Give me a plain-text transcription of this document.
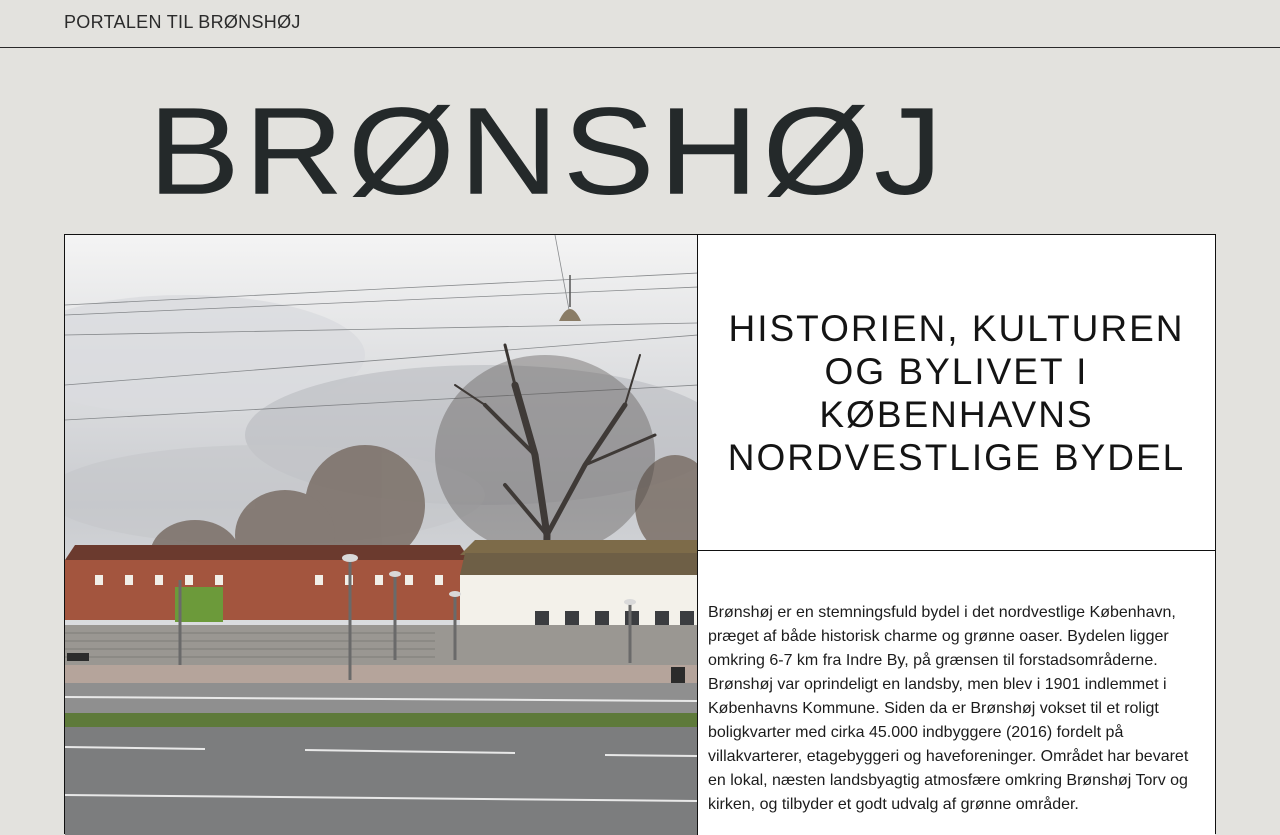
PORTALEN TIL BRØNSHØJ
BRØNSHØJ
HISTORIEN, KULTUREN OG BYLIVET I KØBENHAVNS NORDVESTLIGE BYDEL

Brønshøj er en stemningsfuld bydel i det nordvestlige København, præget af både historisk charme og grønne oaser. Bydelen ligger omkring 6-7 km fra Indre By, på grænsen til forstadsområderne. Brønshøj var oprindeligt en landsby, men blev i 1901 indlemmet i Københavns Kommune. Siden da er Brønshøj vokset til et roligt boligkvarter med cirka 45.000 indbyggere (2016) fordelt på villakvarterer, etagebyggeri og haveforeninger. Området har bevaret en lokal, næsten landsbyagtig atmosfære omkring Brønshøj Torv og kirken, og tilbyder et godt udvalg af grønne områder.
